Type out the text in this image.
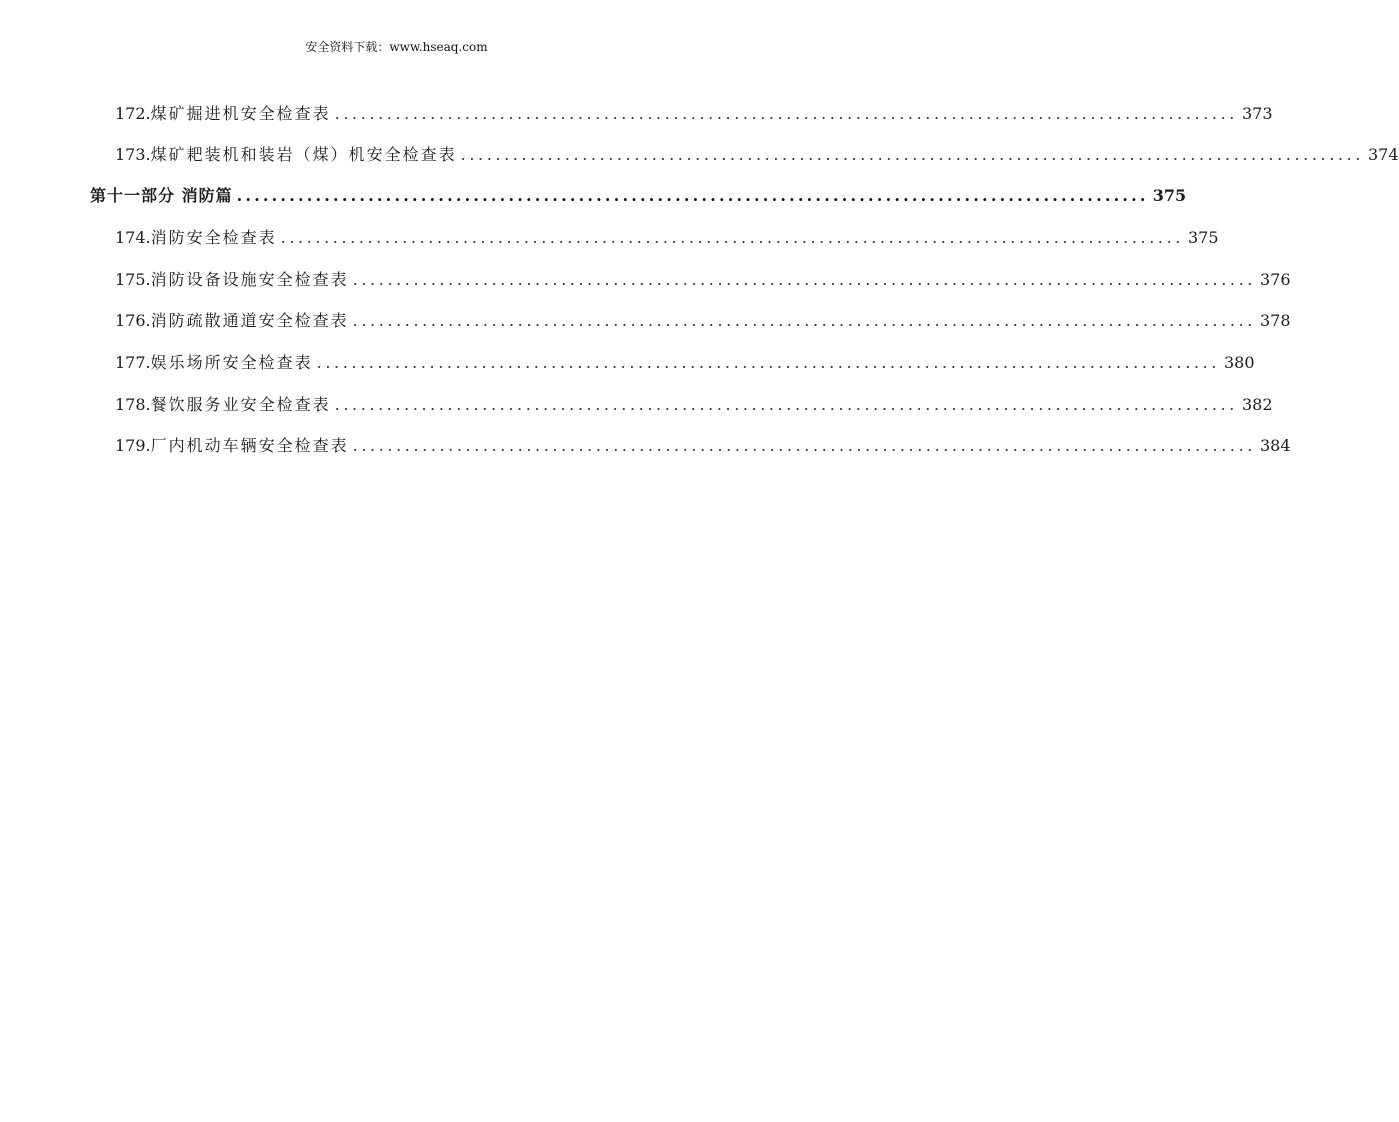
安全资料下载：www.hseaq.com
172. 煤矿掘进机安全检查表 ........................................................................................................ 373
173. 煤矿耙装机和装岩（煤）机安全检查表 ........................................................................................................ 374
第十一部分 消防篇 ........................................................................................................ 375
174. 消防安全检查表 ........................................................................................................ 375
175. 消防设备设施安全检查表 ........................................................................................................ 376
176. 消防疏散通道安全检查表 ........................................................................................................ 378
177. 娱乐场所安全检查表 ........................................................................................................ 380
178. 餐饮服务业安全检查表 ........................................................................................................ 382
179. 厂内机动车辆安全检查表 ........................................................................................................ 384
